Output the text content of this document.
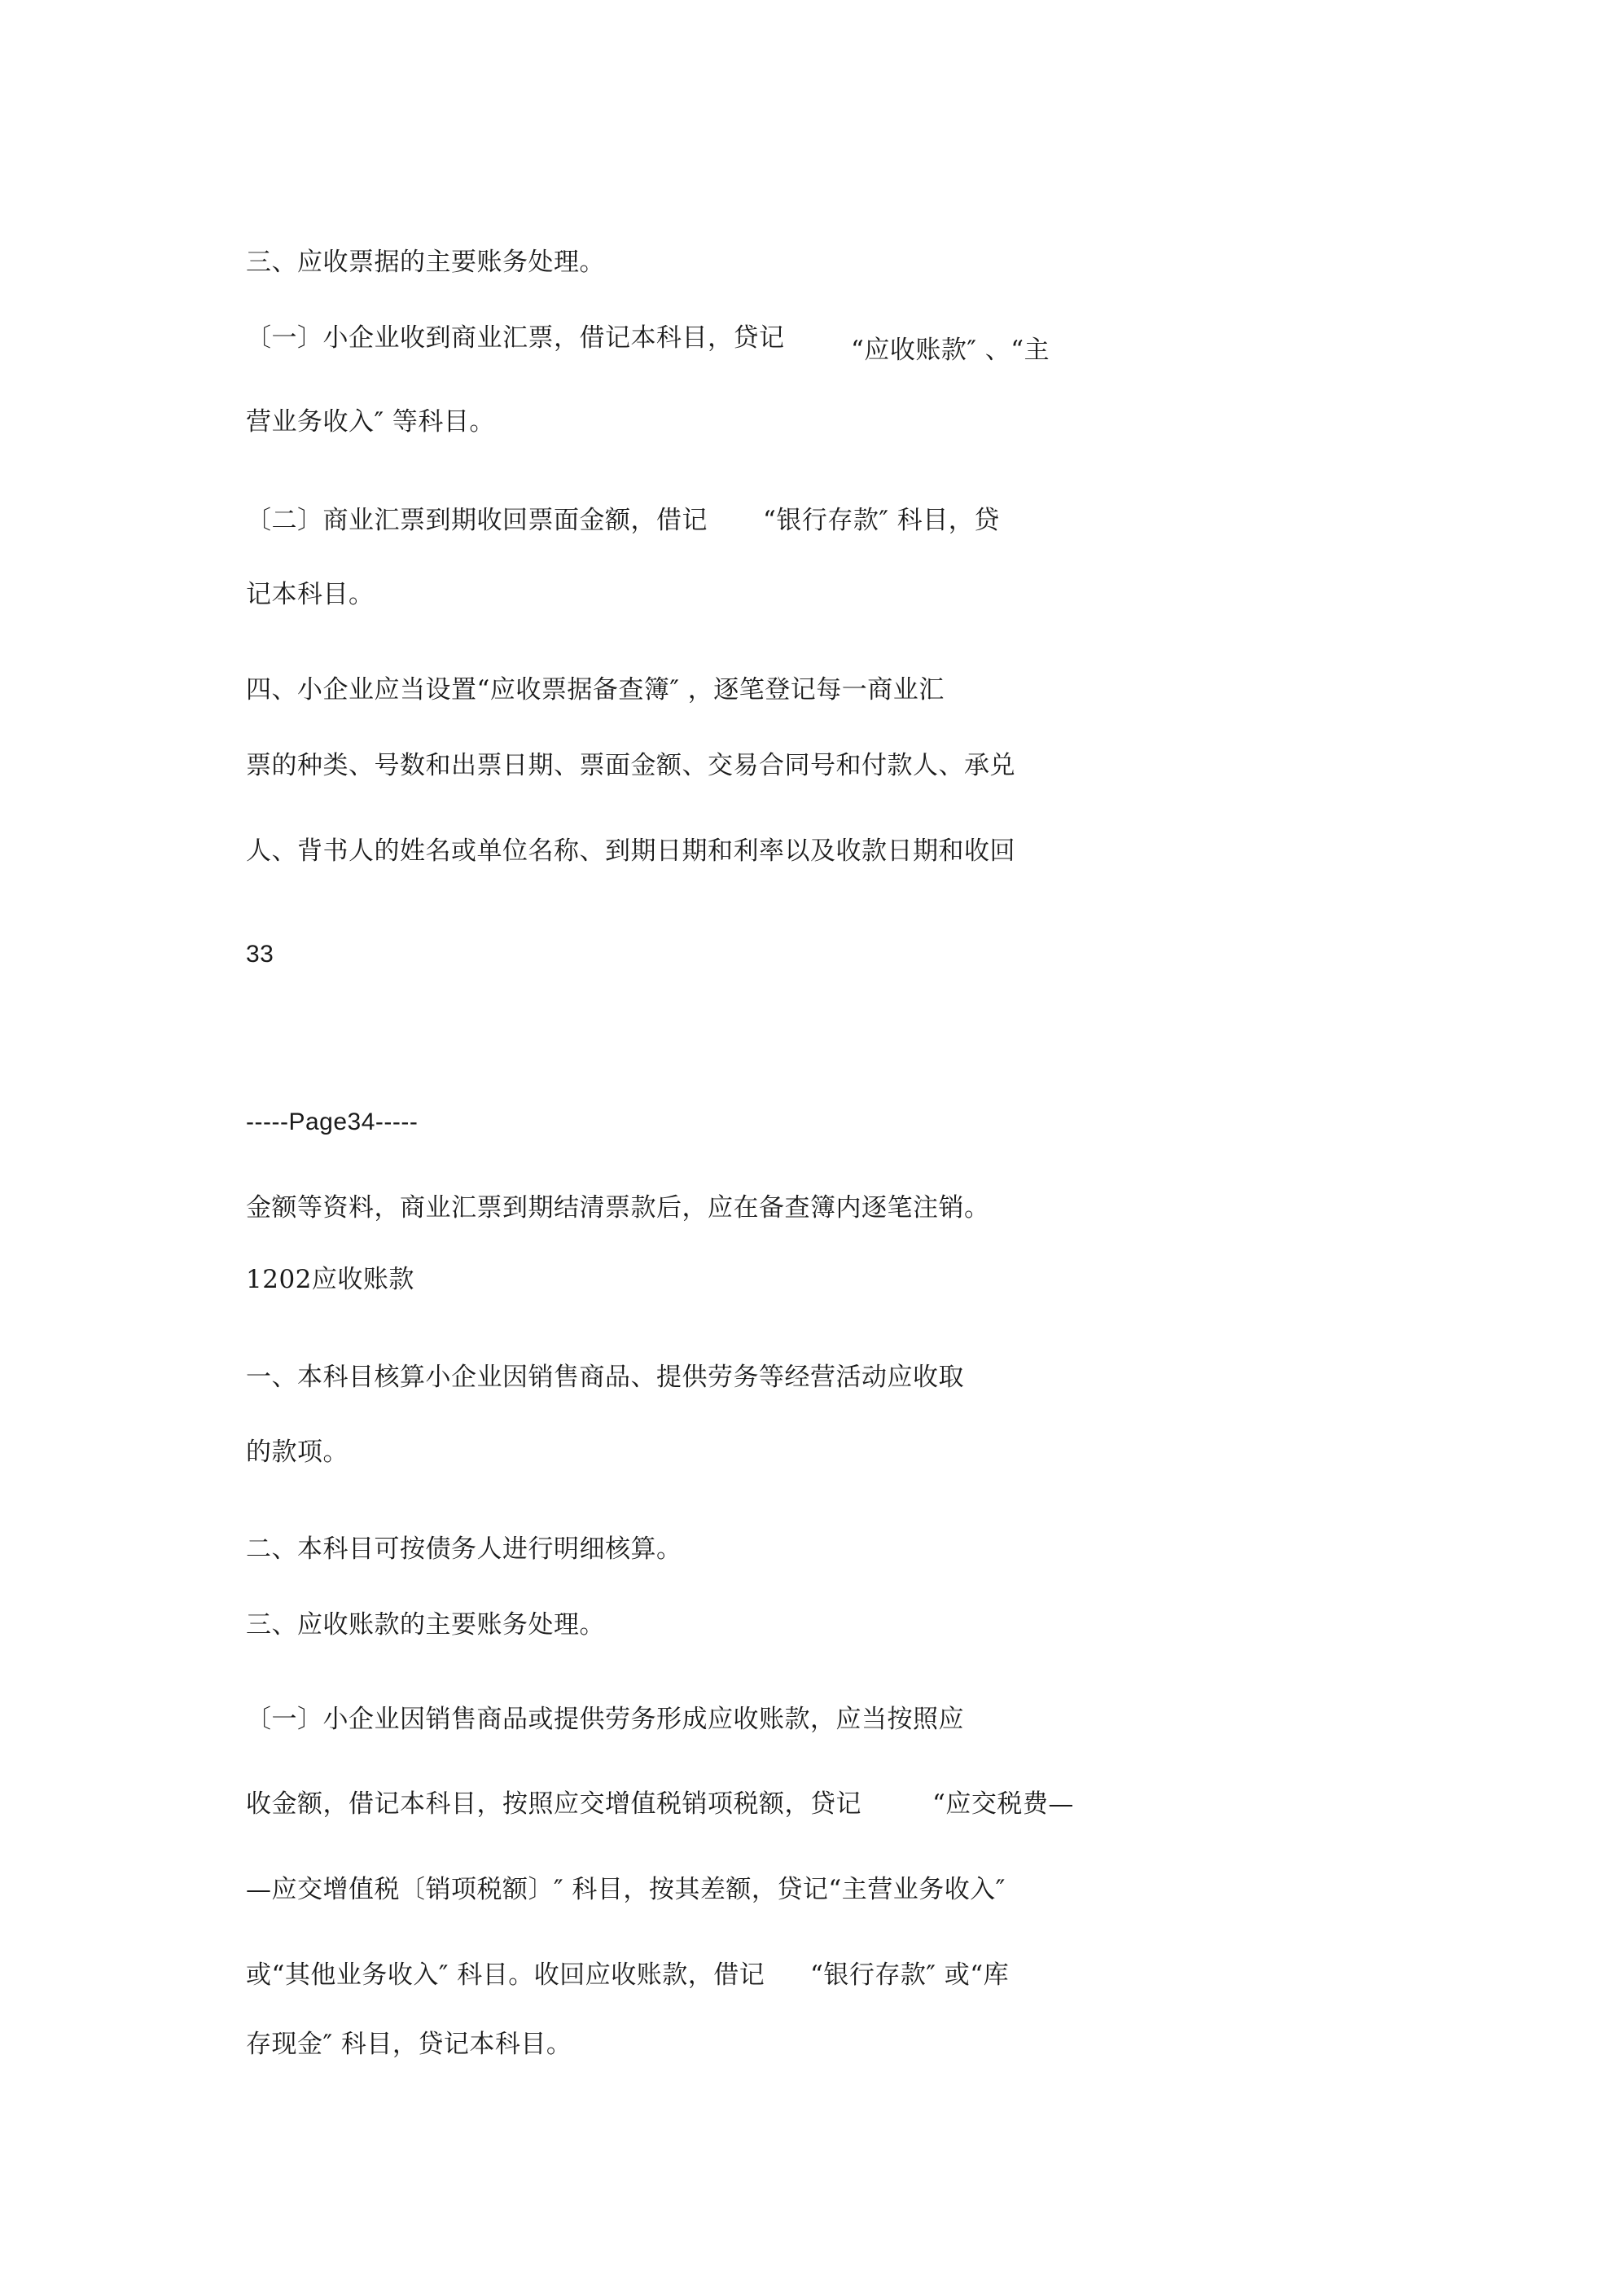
三、应收票据的主要账务处理。
〔一〕小企业收到商业汇票，借记本科目，贷记	“应收账款″ 、“主
营业务收入″ 等科目。
〔二〕商业汇票到期收回票面金额，借记 “银行存款″ 科目，贷
记本科目。
四、小企业应当设置“应收票据备查簿″ ，逐笔登记每一商业汇
票的种类、号数和出票日期、票面金额、交易合同号和付款人、承兑
人、背书人的姓名或单位名称、到期日期和利率以及收款日期和收回
33
-----Page34-----
金额等资料，商业汇票到期结清票款后，应在备查簿内逐笔注销。
1202应收账款
一、本科目核算小企业因销售商品、提供劳务等经营活动应收取
的款项。
二、本科目可按债务人进行明细核算。
三、应收账款的主要账务处理。
〔一〕小企业因销售商品或提供劳务形成应收账款，应当按照应
收金额，借记本科目，按照应交增值税销项税额，贷记	“应交税费—
—应交增值税〔销项税额〕″ 科目，按其差额，贷记“主营业务收入″
或“其他业务收入″ 科目。收回应收账款，借记 “银行存款″ 或“库
存现金″ 科目，贷记本科目。
